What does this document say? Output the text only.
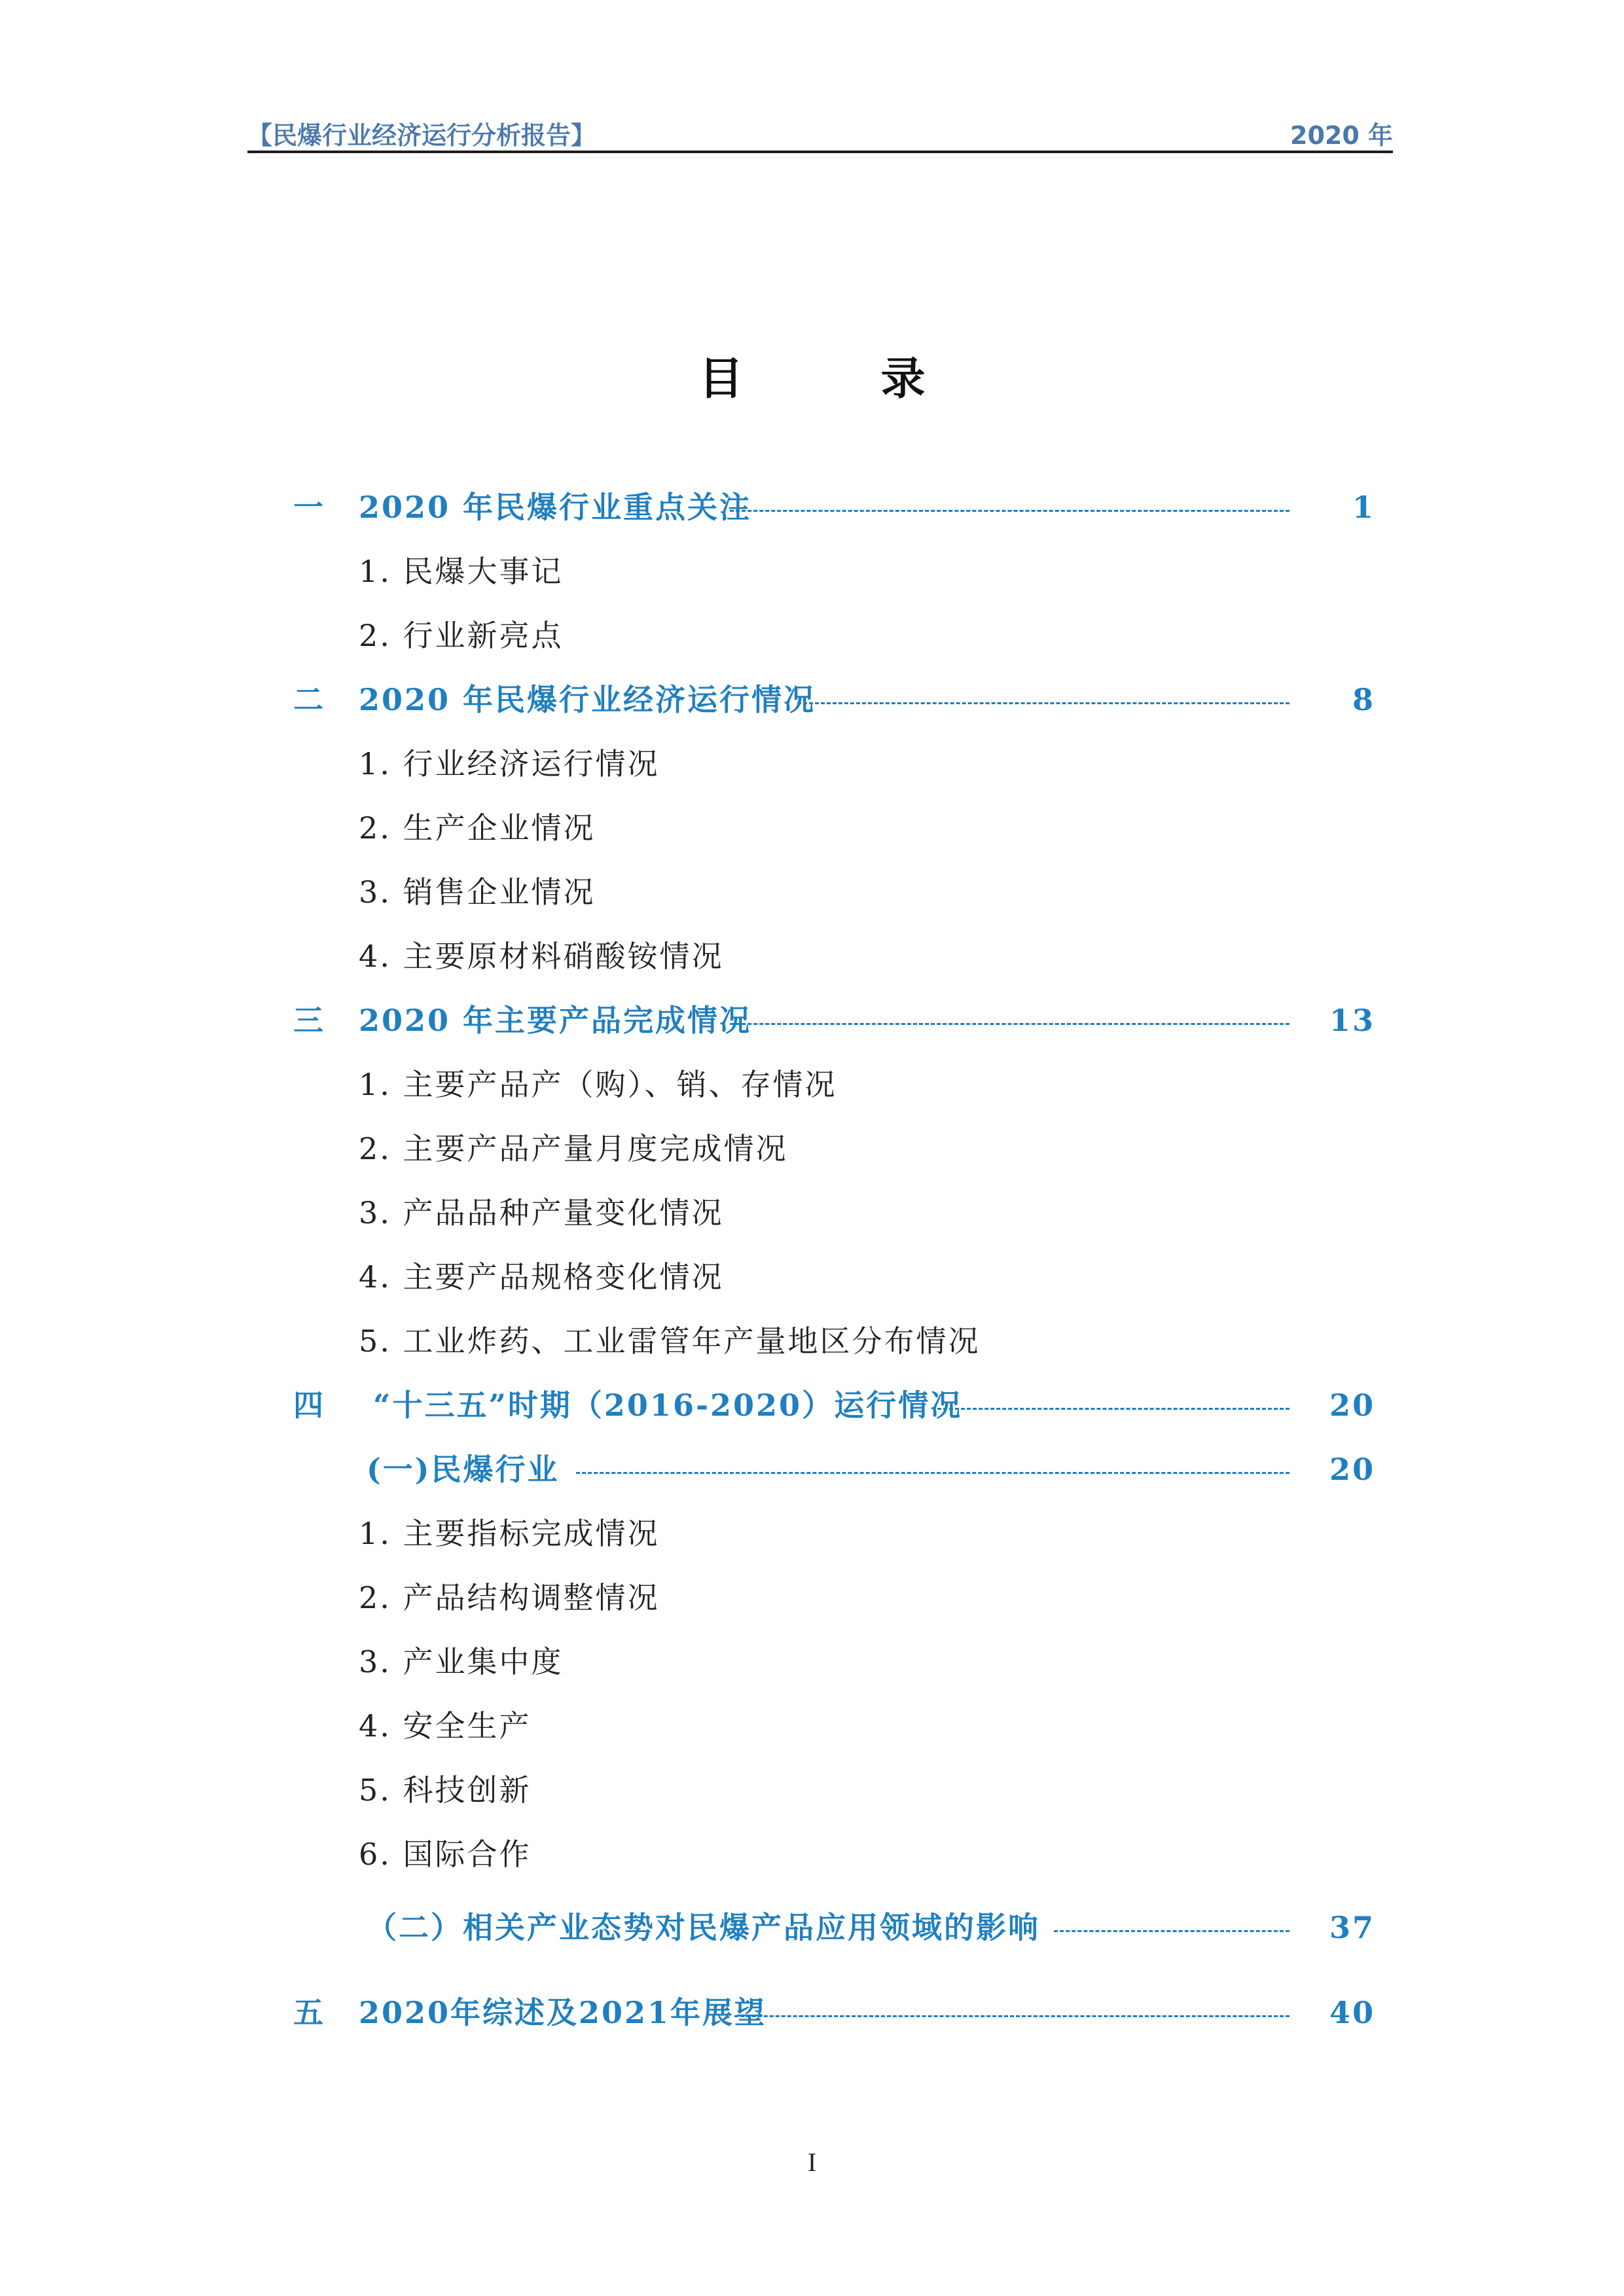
【民爆行业经济运行分析报告】	2020 年
目	录
一 2020 年民爆行业重点关注	1
1. 民爆大事记
2. 行业新亮点
二 2020 年民爆行业经济运行情况	8
1. 行业经济运行情况
2. 生产企业情况
3. 销售企业情况
4. 主要原材料硝酸铵情况
三 2020 年主要产品完成情况	13
1. 主要产品产（购）、销、存情况
2. 主要产品产量月度完成情况
3. 产品品种产量变化情况
4. 主要产品规格变化情况
5. 工业炸药、工业雷管年产量地区分布情况
四 “十三五”时期（2016-2020）运行情况	20
(一)民爆行业	20
1. 主要指标完成情况
2. 产品结构调整情况
3. 产业集中度
4. 安全生产
5. 科技创新
6. 国际合作
（二）相关产业态势对民爆产品应用领域的影响	37
五 2020年综述及2021年展望	40
I
